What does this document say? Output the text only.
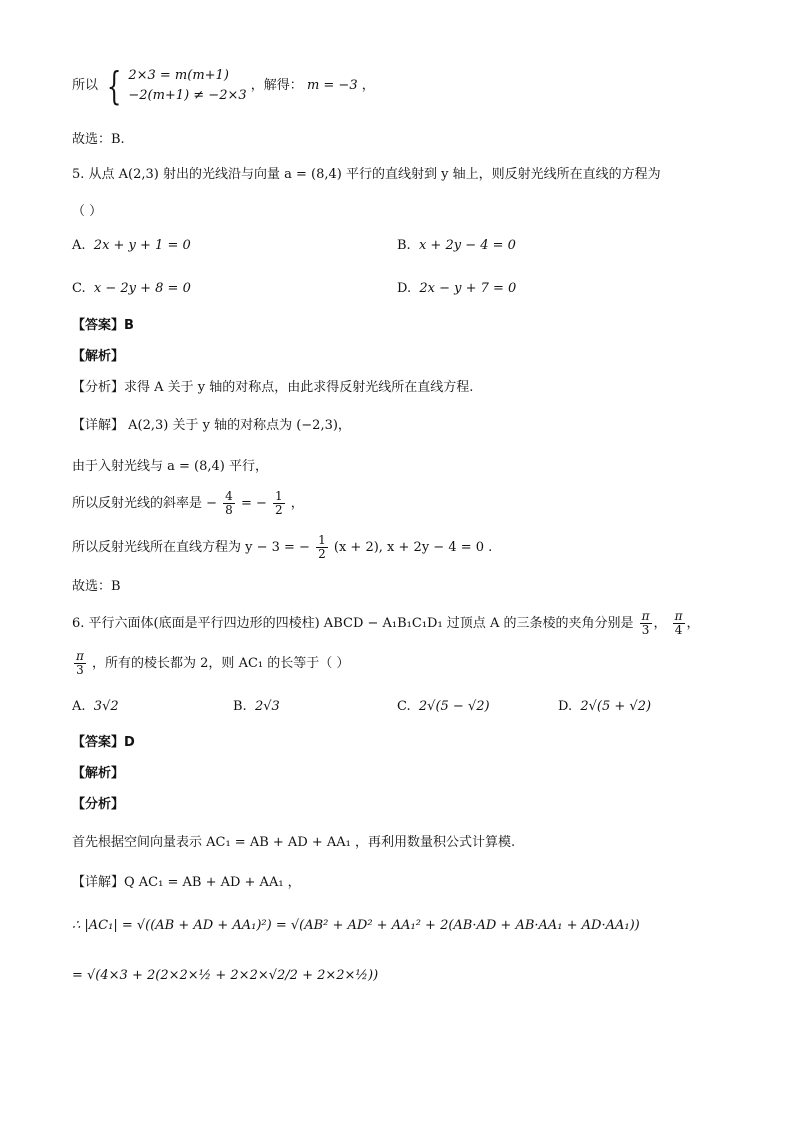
所以 { 2×3 = m(m+1)
−2(m+1) ≠ −2×3
，解得： m = −3 ，
故选：B.
5. 从点 A(2,3) 射出的光线沿与向量 a = (8,4) 平行的直线射到 y 轴上，则反射光线所在直线的方程为
（ ）
A. 2x + y + 1 = 0	B. x + 2y − 4 = 0
C. x − 2y + 8 = 0	D. 2x − y + 7 = 0
【答案】B
【解析】
【分析】求得 A 关于 y 轴的对称点，由此求得反射光线所在直线方程.
【详解】 A(2,3) 关于 y 轴的对称点为 (−2,3)，
由于入射光线与 a = (8,4) 平行，
所以反射光线的斜率是 − $\frac{4}{8}$ = − $\frac{1}{2}$ ，
所以反射光线所在直线方程为 y − 3 = − $\frac{1}{2} (x + 2)$, x + 2y − 4 = 0 .
故选：B
6. 平行六面体(底面是平行四边形的四棱柱) ABCD − A₁B₁C₁D₁ 过顶点 A 的三条棱的夹角分别是 $\frac{\pi}{3}$ ， $\frac{\pi}{4}$ ，
$\frac{\pi}{3}$ ，所有的棱长都为 2，则 AC₁ 的长等于（ ）
A. 3√2	B. 2√3	C. 2√(5 − √2)	D. 2√(5 + √2)
【答案】D
【解析】
【分析】
首先根据空间向量表示 AC₁ = AB + AD + AA₁ ，再利用数量积公式计算模.
【详解】Q AC₁ = AB + AD + AA₁ ，
∴ |AC₁| = √((AB + AD + AA₁)²) = √(AB² + AD² + AA₁² + 2(AB·AD + AB·AA₁ + AD·AA₁))
= √(4×3 + 2(2×2×½ + 2×2×√2/2 + 2×2×½))
